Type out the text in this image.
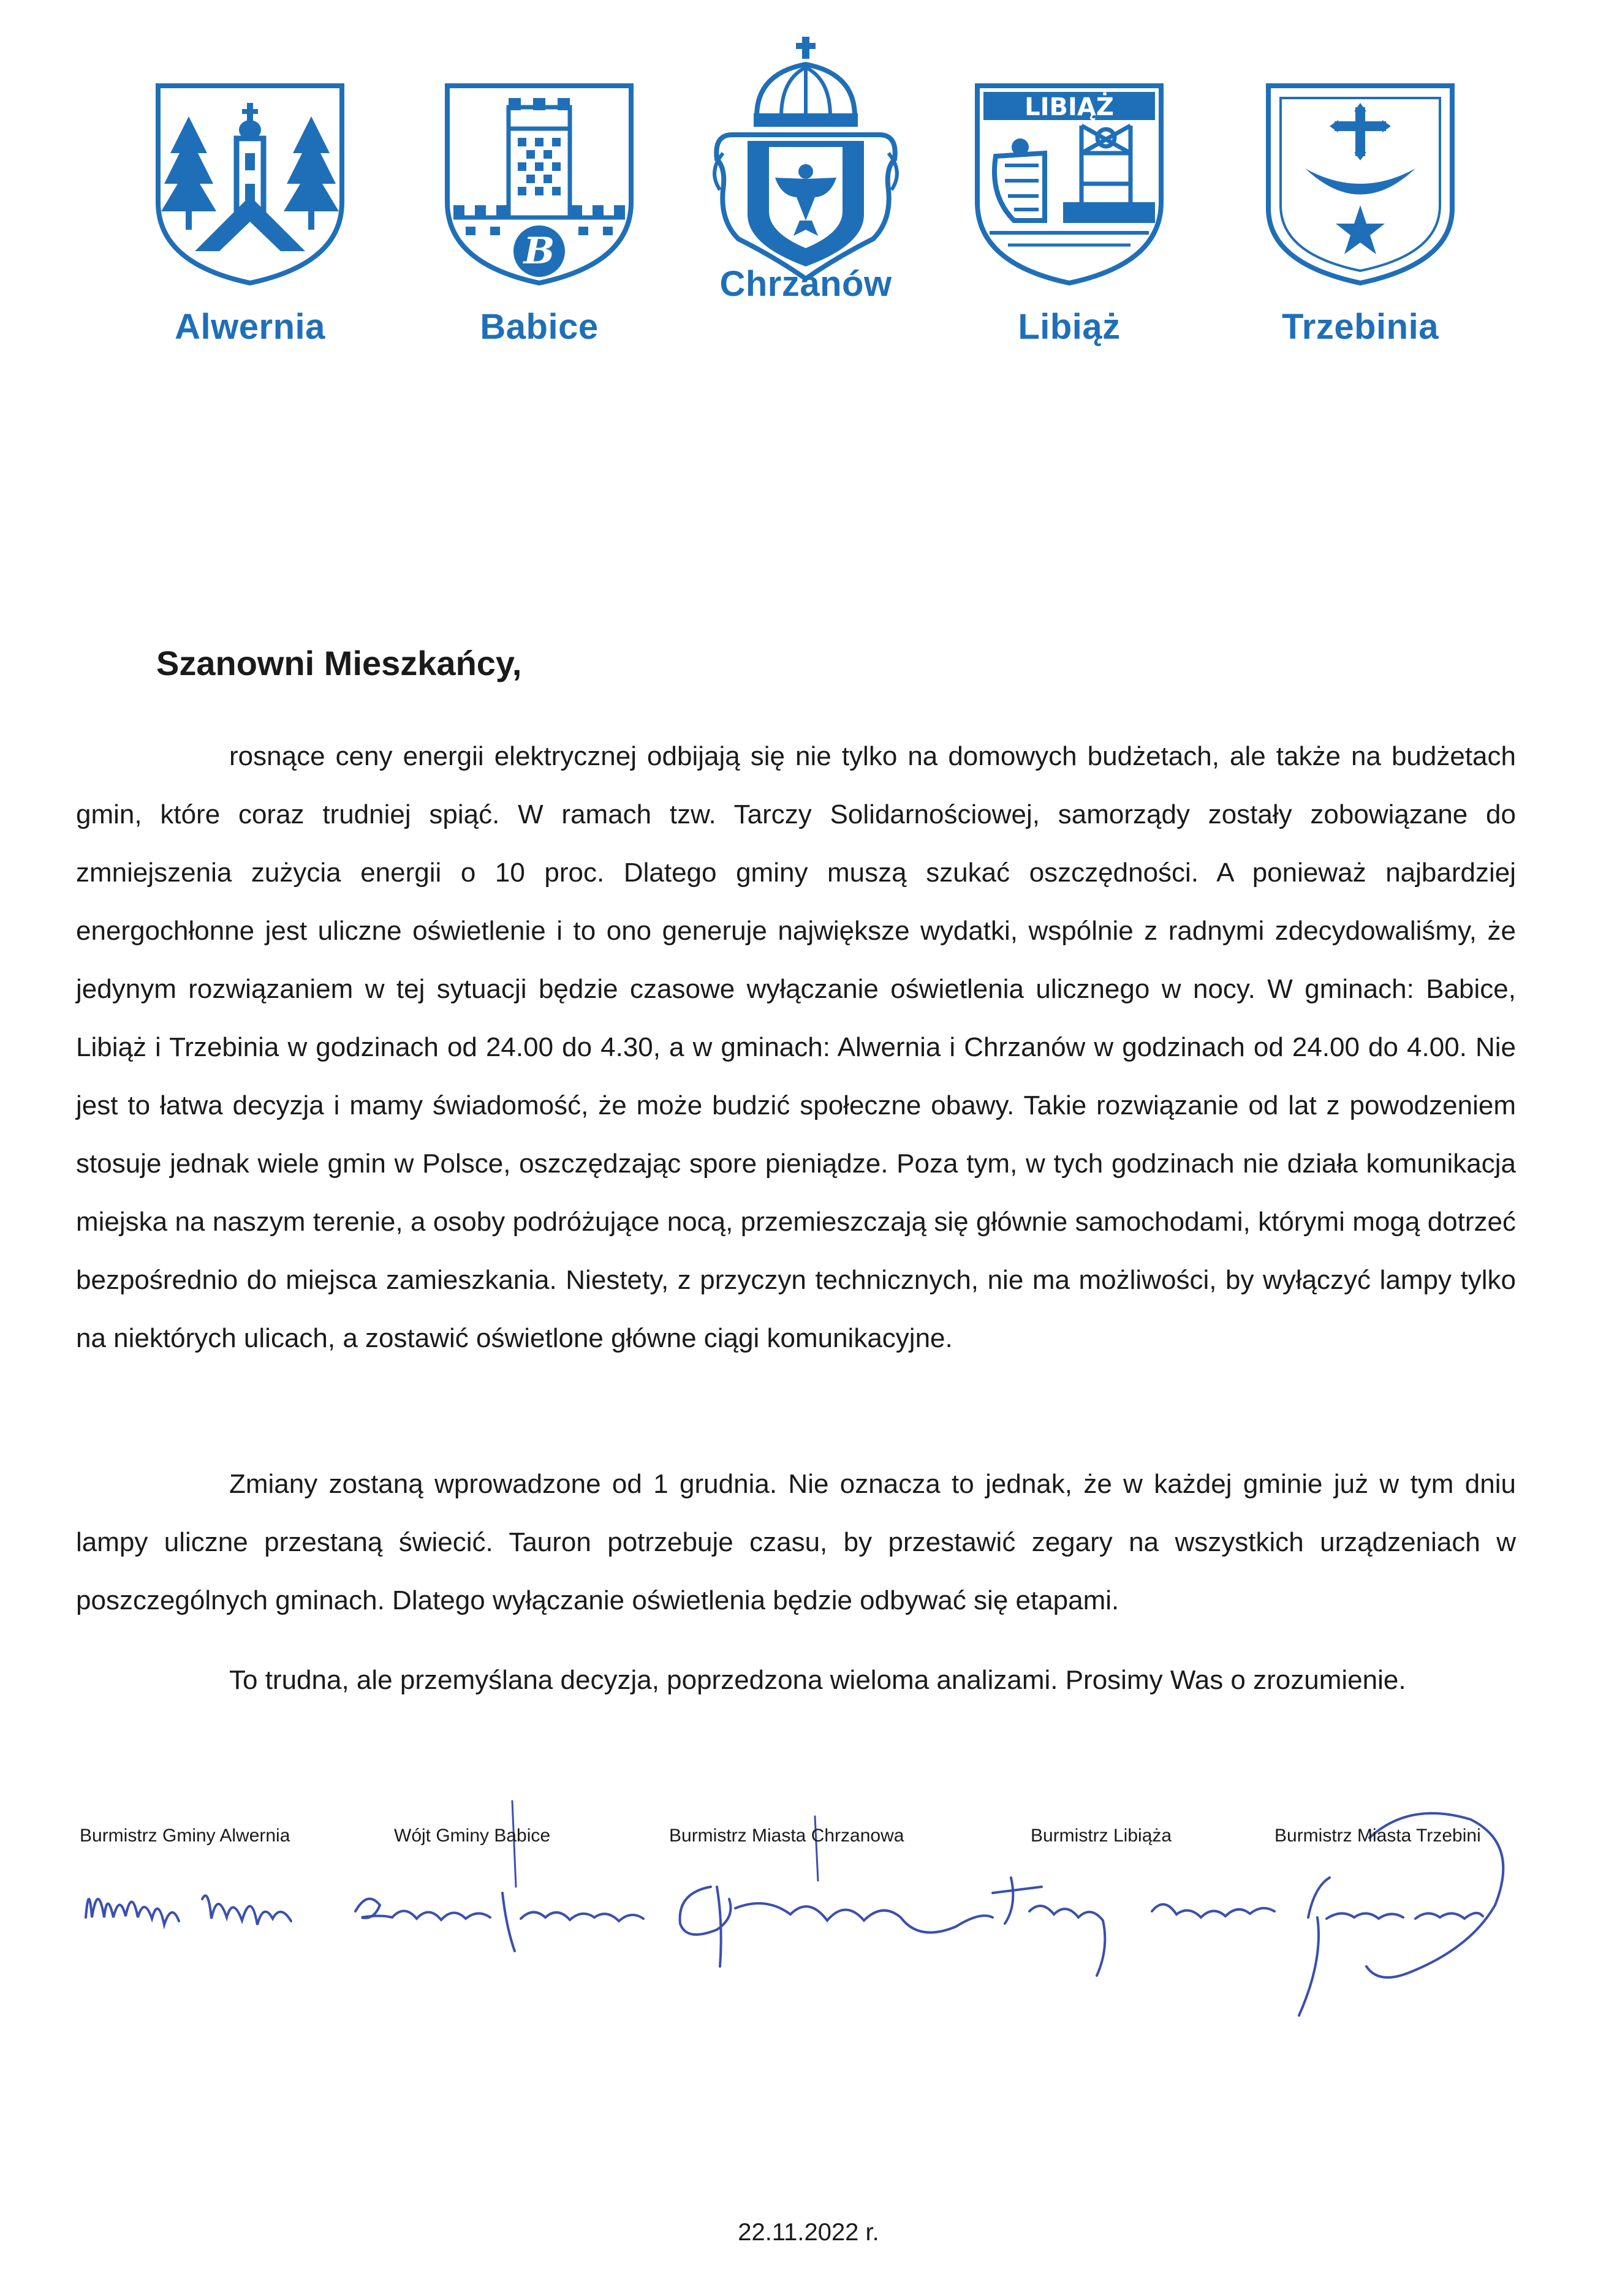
Alwernia
B
Babice
Chrzanów
LIBIĄŻ
Libiąż	Trzebinia
Szanowni Mieszkańcy,

rosnące ceny energii elektrycznej odbijają się nie tylko na domowych budżetach, ale także na budżetach gmin, które coraz trudniej spiąć. W ramach tzw. Tarczy Solidarnościowej, samorządy zostały zobowiązane do zmniejszenia zużycia energii o 10 proc. Dlatego gminy muszą szukać oszczędności. A ponieważ najbardziej energochłonne jest uliczne oświetlenie i to ono generuje największe wydatki, wspólnie z radnymi zdecydowaliśmy, że jedynym rozwiązaniem w tej sytuacji będzie czasowe wyłączanie oświetlenia ulicznego w nocy. W gminach: Babice, Libiąż i Trzebinia w godzinach od 24.00 do 4.30, a w gminach: Alwernia i Chrzanów w godzinach od 24.00 do 4.00. Nie jest to łatwa decyzja i mamy świadomość, że może budzić społeczne obawy. Takie rozwiązanie od lat z powodzeniem stosuje jednak wiele gmin w Polsce, oszczędzając spore pieniądze. Poza tym, w tych godzinach nie działa komunikacja miejska na naszym terenie, a osoby podróżujące nocą, przemieszczają się głównie samochodami, którymi mogą dotrzeć bezpośrednio do miejsca zamieszkania. Niestety, z przyczyn technicznych, nie ma możliwości, by wyłączyć lampy tylko na niektórych ulicach, a zostawić oświetlone główne ciągi komunikacyjne.

Zmiany zostaną wprowadzone od 1 grudnia. Nie oznacza to jednak, że w każdej gminie już w tym dniu lampy uliczne przestaną świecić. Tauron potrzebuje czasu, by przestawić zegary na wszystkich urządzeniach w poszczególnych gminach. Dlatego wyłączanie oświetlenia będzie odbywać się etapami.

To trudna, ale przemyślana decyzja, poprzedzona wieloma analizami. Prosimy Was o zrozumienie.

Burmistrz Gminy Alwernia	Wójt Gminy Babice	Burmistrz Miasta Chrzanowa	Burmistrz Libiąża	Burmistrz Miasta Trzebini
22.11.2022 r.
